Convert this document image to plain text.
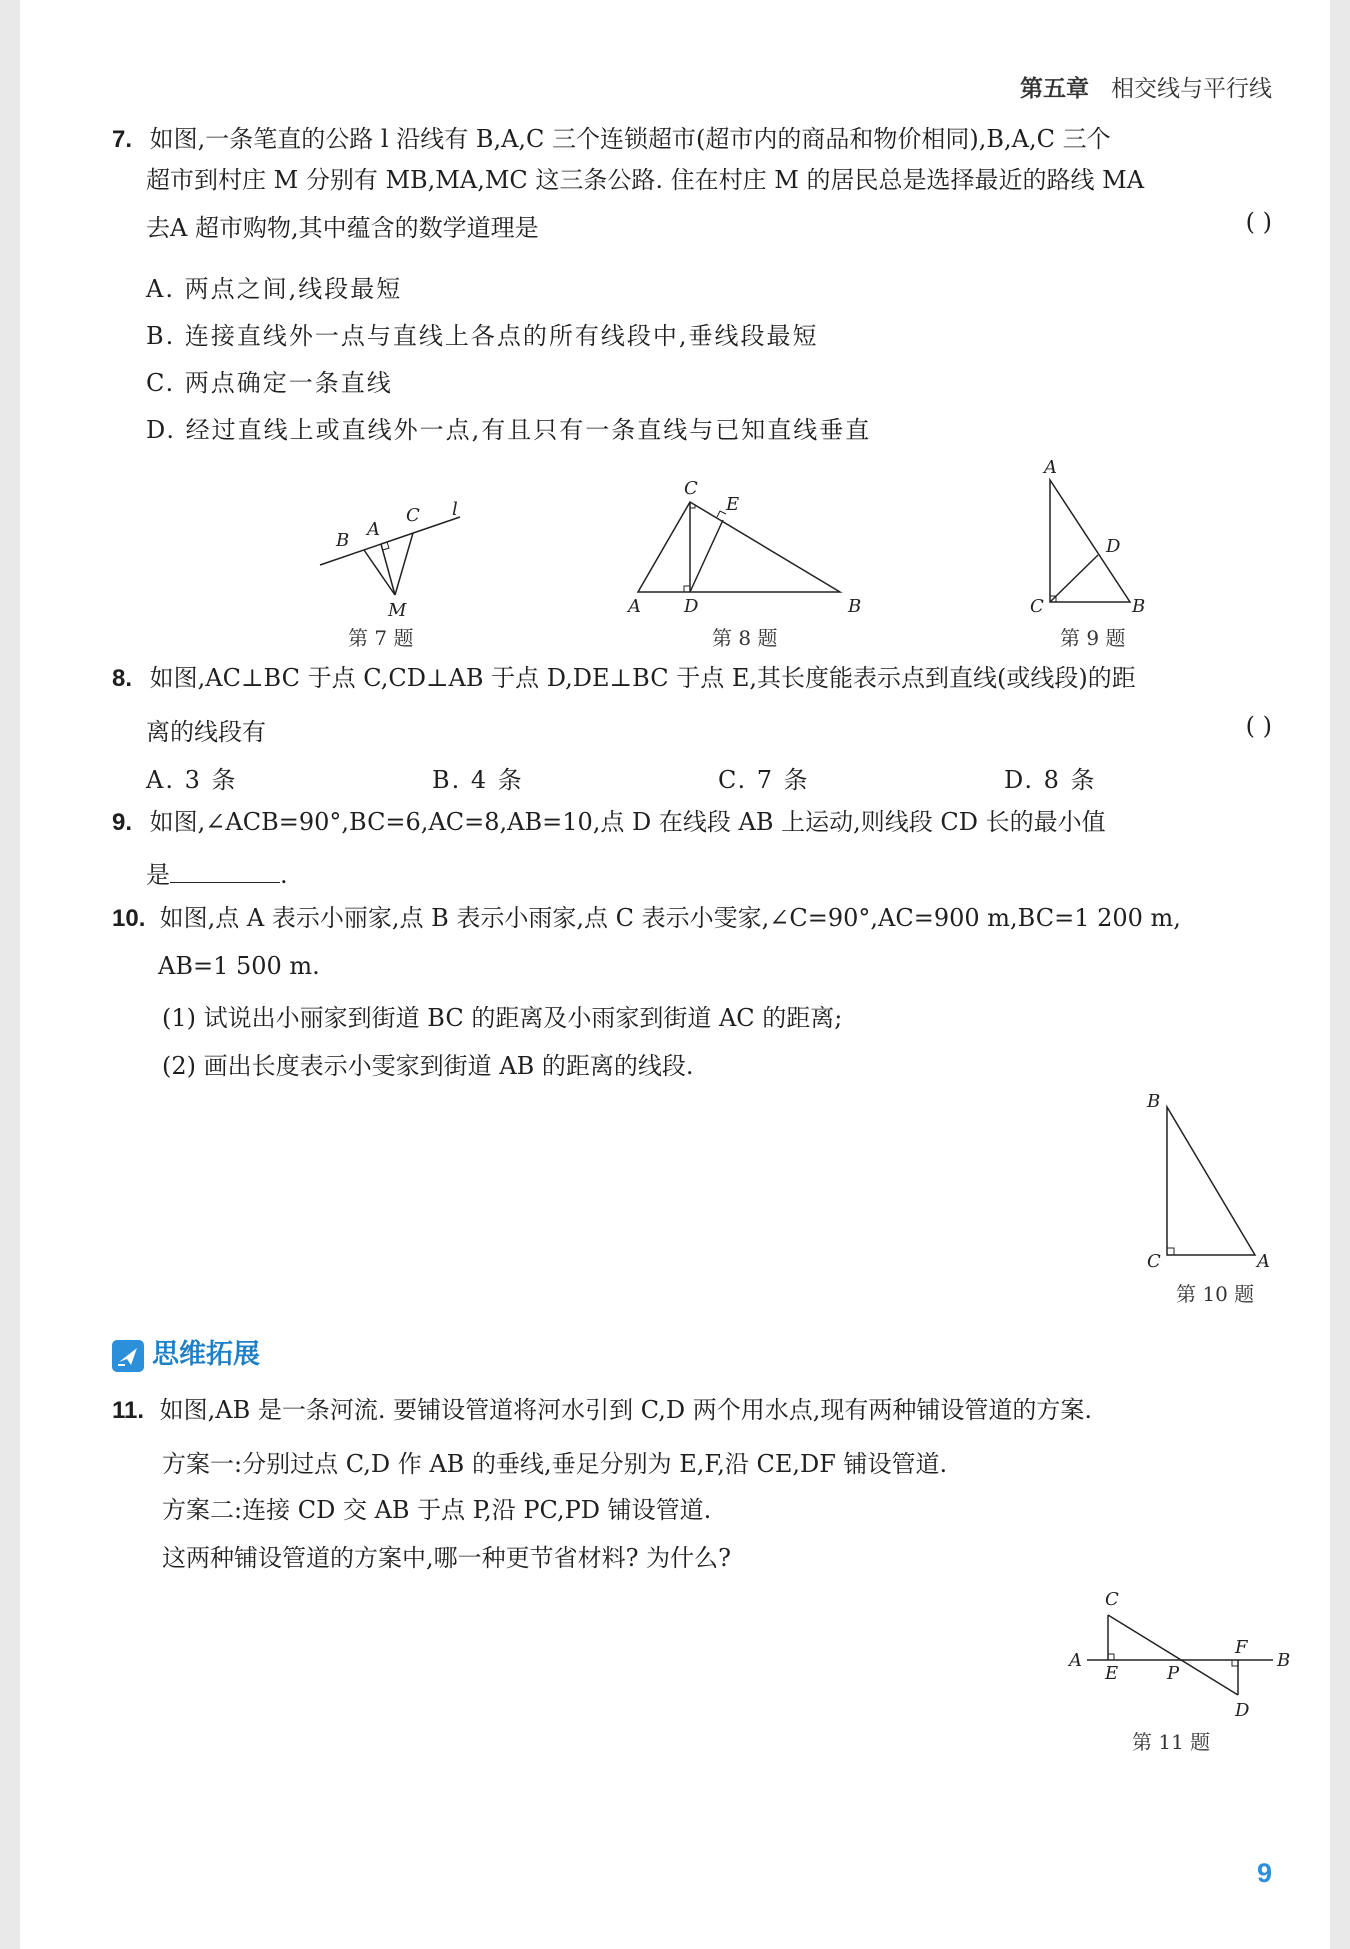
第五章 相交线与平行线
7. 如图,一条笔直的公路 l 沿线有 B,A,C 三个连锁超市(超市内的商品和物价相同),B,A,C 三个
超市到村庄 M 分别有 MB,MA,MC 这三条公路. 住在村庄 M 的居民总是选择最近的路线 MA
去A 超市购物,其中蕴含的数学道理是	( )
A. 两点之间,线段最短
B. 连接直线外一点与直线上各点的所有线段中,垂线段最短
C. 两点确定一条直线
D. 经过直线上或直线外一点,有且只有一条直线与已知直线垂直
B
A
C l
M
第 7 题
C
E
A D	B
第 8 题
A
D
C	B
第 9 题
8. 如图,AC⊥BC 于点 C,CD⊥AB 于点 D,DE⊥BC 于点 E,其长度能表示点到直线(或线段)的距
离的线段有	( )
A. 3 条	B. 4 条	C. 7 条	D. 8 条
9. 如图,∠ACB=90°,BC=6,AC=8,AB=10,点 D 在线段 AB 上运动,则线段 CD 长的最小值
是	.
10. 如图,点 A 表示小丽家,点 B 表示小雨家,点 C 表示小雯家,∠C=90°,AC=900 m,BC=1 200 m,
AB=1 500 m.
(1) 试说出小丽家到街道 BC 的距离及小雨家到街道 AC 的距离;
(2) 画出长度表示小雯家到街道 AB 的距离的线段.
B
C	A
第 10 题
思维拓展
11. 如图,AB 是一条河流. 要铺设管道将河水引到 C,D 两个用水点,现有两种铺设管道的方案.
方案一:分别过点 C,D 作 AB 的垂线,垂足分别为 E,F,沿 CE,DF 铺设管道.
方案二:连接 CD 交 AB 于点 P,沿 PC,PD 铺设管道.
这两种铺设管道的方案中,哪一种更节省材料? 为什么?
C
A
E	P
F
B
D
第 11 题
9
